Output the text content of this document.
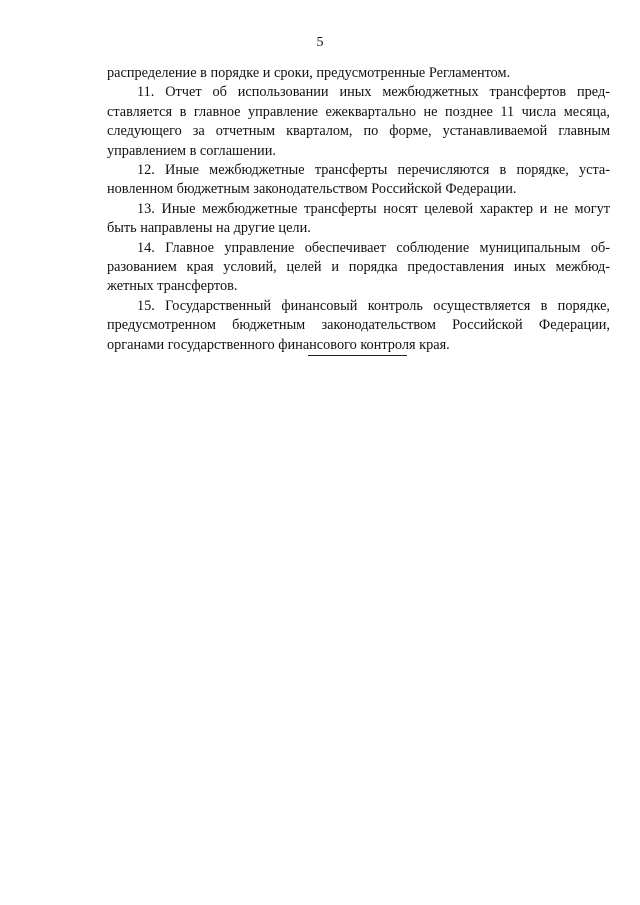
5
распределение в порядке и сроки, предусмотренные Регламентом.
11. Отчет об использовании иных межбюджетных трансфертов пред-
ставляется в главное управление ежеквартально не позднее 11 числа месяца,
следующего за отчетным кварталом, по форме, устанавливаемой главным
управлением в соглашении.
12. Иные межбюджетные трансферты перечисляются в порядке, уста-
новленном бюджетным законодательством Российской Федерации.
13. Иные межбюджетные трансферты носят целевой характер и не могут
быть направлены на другие цели.
14. Главное управление обеспечивает соблюдение муниципальным об-
разованием края условий, целей и порядка предоставления иных межбюд-
жетных трансфертов.
15. Государственный финансовый контроль осуществляется в порядке,
предусмотренном бюджетным законодательством Российской Федерации,
органами государственного финансового контроля края.
